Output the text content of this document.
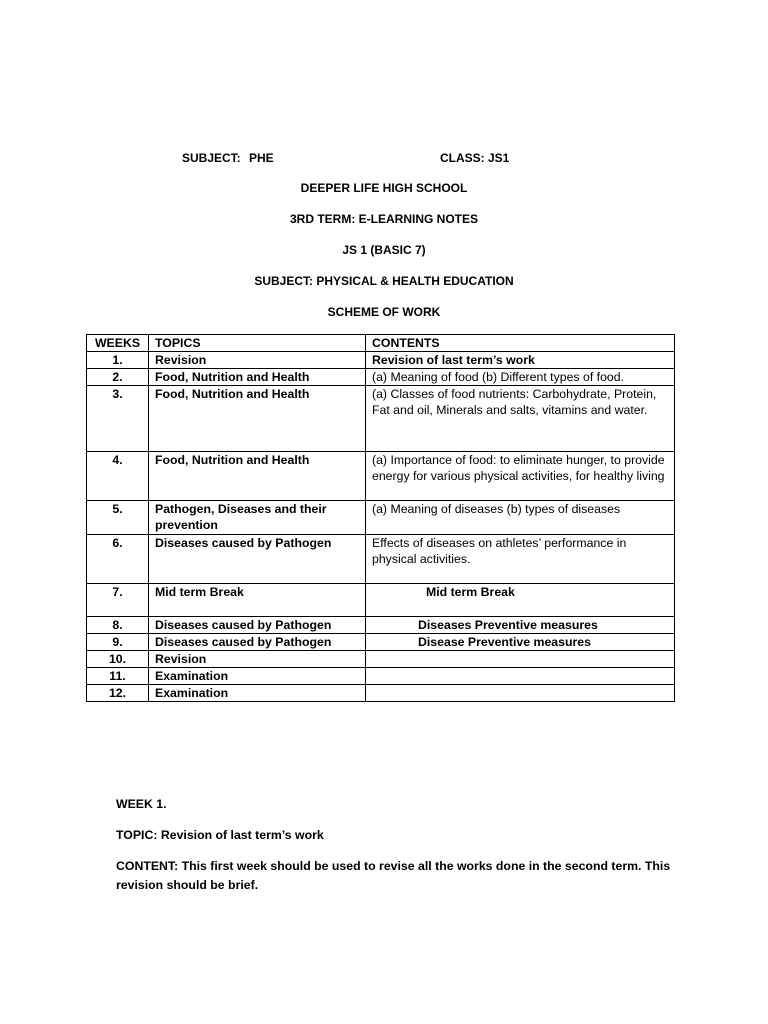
SUBJECT: PHE	CLASS: JS1
DEEPER LIFE HIGH SCHOOL
3RD TERM: E-LEARNING NOTES
JS 1 (BASIC 7)
SUBJECT: PHYSICAL & HEALTH EDUCATION
SCHEME OF WORK
WEEKS	TOPICS	CONTENTS
1.	Revision	Revision of last term’s work
2.	Food, Nutrition and Health	(a) Meaning of food (b) Different types of food.
3.	Food, Nutrition and Health	(a) Classes of food nutrients: Carbohydrate, Protein, Fat and oil, Minerals and salts, vitamins and water.
4.	Food, Nutrition and Health	(a) Importance of food: to eliminate hunger, to provide energy for various physical activities, for healthy living
5.	Pathogen, Diseases and their prevention	(a) Meaning of diseases (b) types of diseases
6.	Diseases caused by Pathogen	Effects of diseases on athletes’ performance in physical activities.
7.	Mid term Break	Mid term Break
8.	Diseases caused by Pathogen	Diseases Preventive measures
9.	Diseases caused by Pathogen	Disease Preventive measures
10.	Revision	
11.	Examination	
12.	Examination	
WEEK 1.
TOPIC: Revision of last term’s work
CONTENT: This first week should be used to revise all the works done in the second term. This revision should be brief.
